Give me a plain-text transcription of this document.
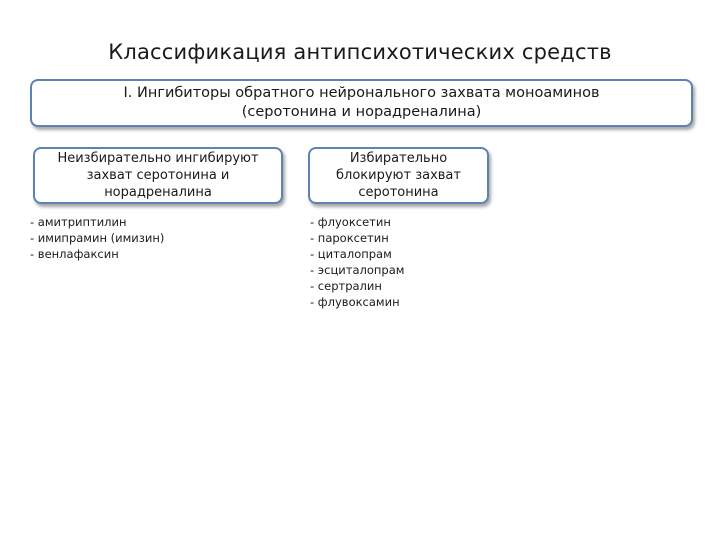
Классификация антипсихотических средств
I. Ингибиторы обратного нейронального захвата моноаминов
(серотонина и норадреналина)
Неизбирательно ингибируют
захват серотонина и
норадреналина
Избирательно
блокируют захват
серотонина
- амитриптилин
- имипрамин (имизин)
- венлафаксин
- флуоксетин
- пароксетин
- циталопрам
- эсциталопрам
- сертралин
- флувоксамин
